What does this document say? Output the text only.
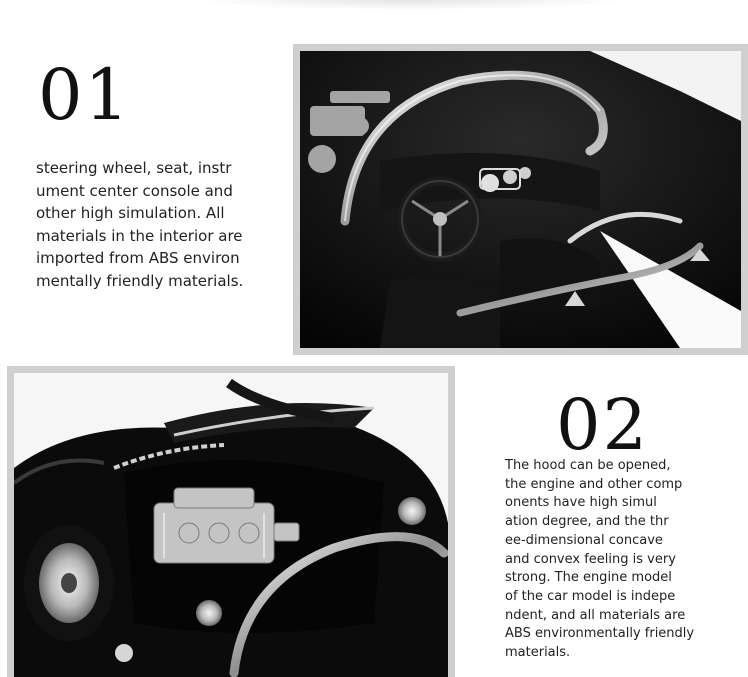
01
steering wheel, seat, instr
ument center console and
other high simulation. All
materials in the interior are
imported from ABS environ
mentally friendly materials.
02
The hood can be opened,
the engine and other comp
onents have high simul
ation degree, and the thr
ee-dimensional concave
and convex feeling is very
strong. The engine model
of the car model is indepe
ndent, and all materials are
ABS environmentally friendly
materials.
